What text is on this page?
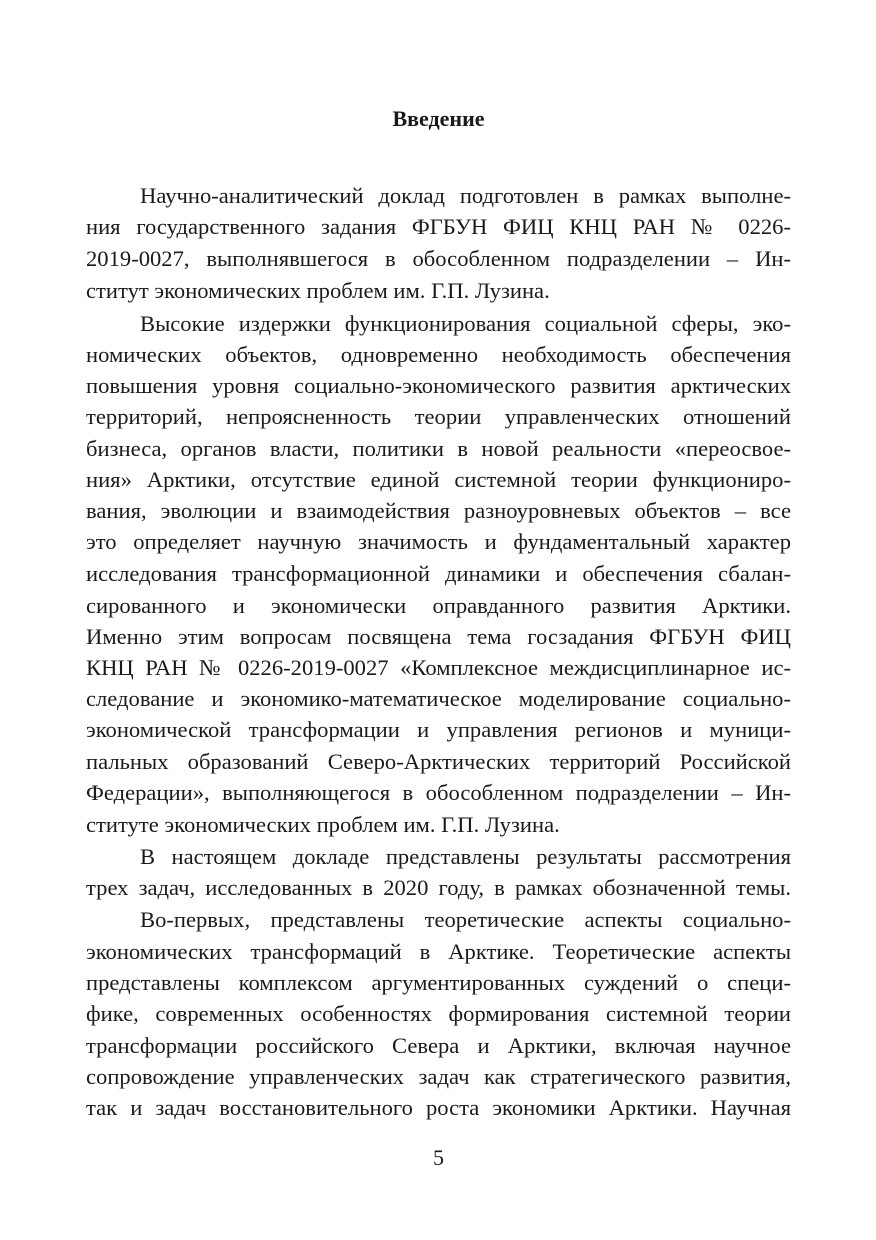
Введение
Научно-аналитический доклад подготовлен в рамках выполне-
ния государственного задания ФГБУН ФИЦ КНЦ РАН № 0226-
2019-0027, выполнявшегося в обособленном подразделении – Ин-
ститут экономических проблем им. Г.П. Лузина.
Высокие издержки функционирования социальной сферы, эко-
номических объектов, одновременно необходимость обеспечения
повышения уровня социально-экономического развития арктических
территорий, непроясненность теории управленческих отношений
бизнеса, органов власти, политики в новой реальности «переосвое-
ния» Арктики, отсутствие единой системной теории функциониро-
вания, эволюции и взаимодействия разноуровневых объектов – все
это определяет научную значимость и фундаментальный характер
исследования трансформационной динамики и обеспечения сбалан-
сированного и экономически оправданного развития Арктики.
Именно этим вопросам посвящена тема госзадания ФГБУН ФИЦ
КНЦ РАН № 0226-2019-0027 «Комплексное междисциплинарное ис-
следование и экономико-математическое моделирование социально-
экономической трансформации и управления регионов и муници-
пальных образований Северо-Арктических территорий Российской
Федерации», выполняющегося в обособленном подразделении – Ин-
ституте экономических проблем им. Г.П. Лузина.
В настоящем докладе представлены результаты рассмотрения
трех задач, исследованных в 2020 году, в рамках обозначенной темы.
Во-первых, представлены теоретические аспекты социально-
экономических трансформаций в Арктике. Теоретические аспекты
представлены комплексом аргументированных суждений о специ-
фике, современных особенностях формирования системной теории
трансформации российского Севера и Арктики, включая научное
сопровождение управленческих задач как стратегического развития,
так и задач восстановительного роста экономики Арктики. Научная
5
